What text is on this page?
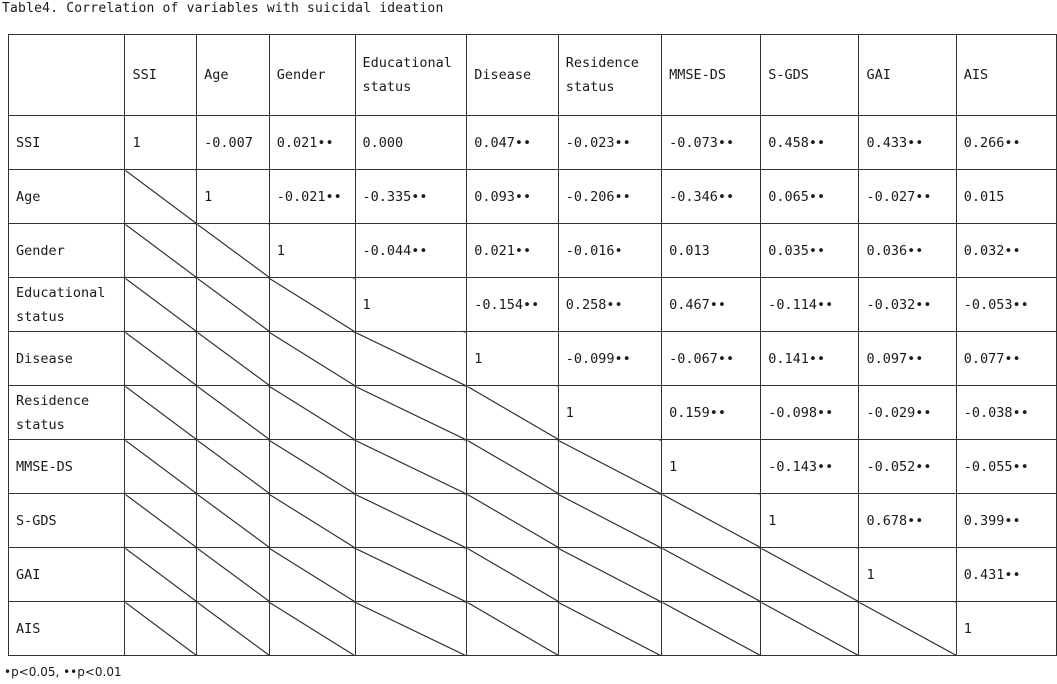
Table4. Correlation of variables with suicidal ideation
	SSI	Age	Gender	Educational status	Disease	Residence status	MMSE-DS	S-GDS	GAI	AIS
SSI	1	-0.007	0.021••	0.000	0.047••	-0.023••	-0.073••	0.458••	0.433••	0.266••
Age		1	-0.021••	-0.335••	0.093••	-0.206••	-0.346••	0.065••	-0.027••	0.015
Gender			1	-0.044••	0.021••	-0.016•	0.013	0.035••	0.036••	0.032••
Educational status				1	-0.154••	0.258••	0.467••	-0.114••	-0.032••	-0.053••
Disease					1	-0.099••	-0.067••	0.141••	0.097••	0.077••
Residence status						1	0.159••	-0.098••	-0.029••	-0.038••
MMSE-DS							1	-0.143••	-0.052••	-0.055••
S-GDS								1	0.678••	0.399••
GAI									1	0.431••
AIS										1
•p<0.05, ••p<0.01
